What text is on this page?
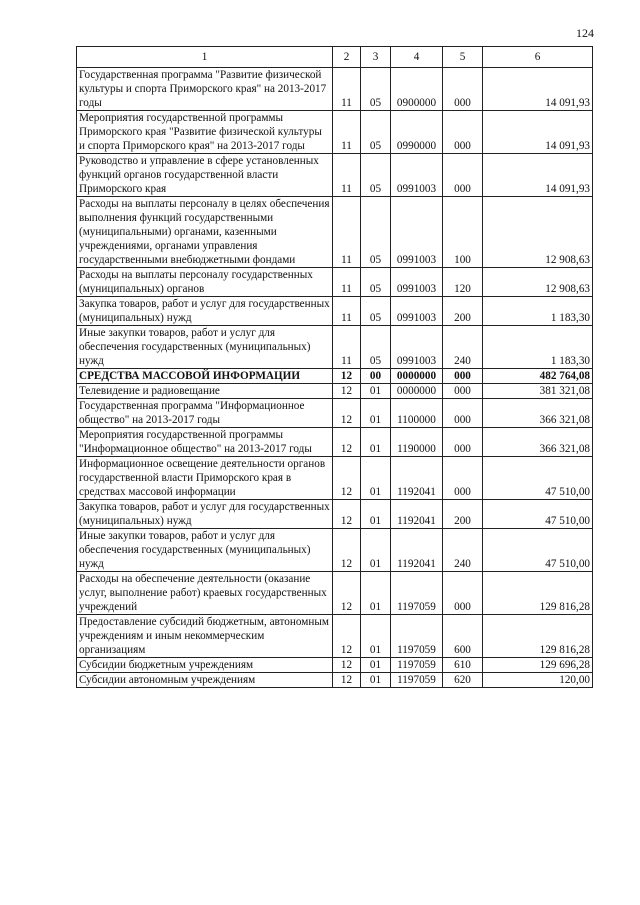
124
1	2	3	4	5	6
Государственная программа "Развитие физической культуры и спорта Приморского края" на 2013-2017 годы	11	05	0900000	000	14 091,93
Мероприятия государственной программы Приморского края "Развитие физической культуры и спорта Приморского края" на 2013-2017 годы	11	05	0990000	000	14 091,93
Руководство и управление в сфере установленных функций органов государственной власти Приморского края	11	05	0991003	000	14 091,93
Расходы на выплаты персоналу в целях обеспечения выполнения функций государственными (муниципальными) органами, казенными учреждениями, органами управления государственными внебюджетными фондами	11	05	0991003	100	12 908,63
Расходы на выплаты персоналу государственных (муниципальных) органов	11	05	0991003	120	12 908,63
Закупка товаров, работ и услуг для государственных (муниципальных) нужд	11	05	0991003	200	1 183,30
Иные закупки товаров, работ и услуг для обеспечения государственных (муниципальных) нужд	11	05	0991003	240	1 183,30
СРЕДСТВА МАССОВОЙ ИНФОРМАЦИИ	12	00	0000000	000	482 764,08
Телевидение и радиовещание	12	01	0000000	000	381 321,08
Государственная программа "Информационное общество" на 2013-2017 годы	12	01	1100000	000	366 321,08
Мероприятия государственной программы "Информационное общество" на 2013-2017 годы	12	01	1190000	000	366 321,08
Информационное освещение деятельности органов государственной власти Приморского края в средствах массовой информации	12	01	1192041	000	47 510,00
Закупка товаров, работ и услуг для государственных (муниципальных) нужд	12	01	1192041	200	47 510,00
Иные закупки товаров, работ и услуг для обеспечения государственных (муниципальных) нужд	12	01	1192041	240	47 510,00
Расходы на обеспечение деятельности (оказание услуг, выполнение работ) краевых государственных учреждений	12	01	1197059	000	129 816,28
Предоставление субсидий бюджетным, автономным учреждениям и иным некоммерческим организациям	12	01	1197059	600	129 816,28
Субсидии бюджетным учреждениям	12	01	1197059	610	129 696,28
Субсидии автономным учреждениям	12	01	1197059	620	120,00
